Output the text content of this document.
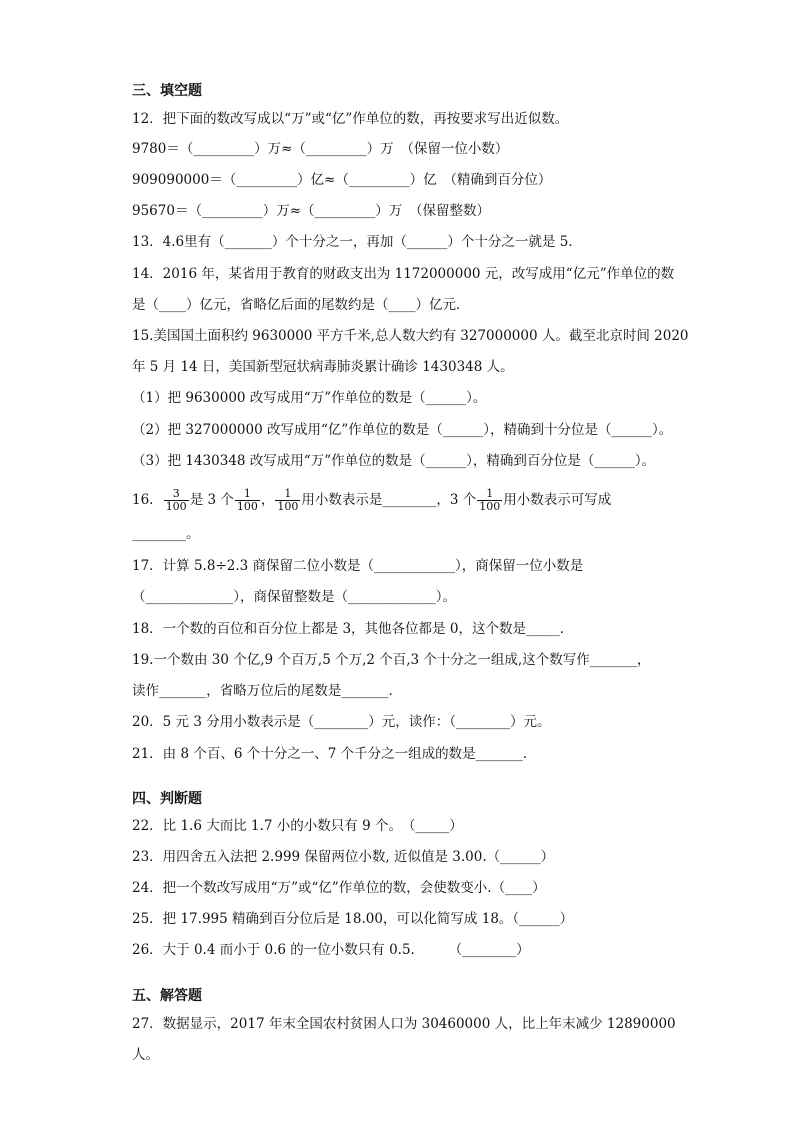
三、填空题
12．把下面的数改写成以“万”或“亿”作单位的数，再按要求写出近似数。
9780＝（_________）万≈（_________）万　（保留一位小数）
909090000＝（_________）亿≈（_________）亿　（精确到百分位）
95670＝（_________）万≈（_________）万　（保留整数）
13．4.6里有（_______）个十分之一，再加（______）个十分之一就是 5．
14．2016 年，某省用于教育的财政支出为 1172000000 元，改写成用“亿元”作单位的数
是（____）亿元，省略亿后面的尾数约是（____）亿元．
15.美国国土面积约 9630000 平方千米,总人数大约有 327000000 人。截至北京时间 2020
年 5 月 14 日，美国新型冠状病毒肺炎累计确诊 1430348 人。
（1）把 9630000 改写成用“万”作单位的数是（______）。
（2）把 327000000 改写成用“亿”作单位的数是（______），精确到十分位是（______）。
（3）把 1430348 改写成用“万”作单位的数是（______），精确到百分位是（______）。
16． $\frac{3}{100}$ 是 3 个 $\frac{1}{100}$ ， $\frac{1}{100}$ 用小数表示是________，3 个 $\frac{1}{100}$ 用小数表示可写成
________。
17．计算 5.8÷2.3 商保留二位小数是（____________），商保留一位小数是
（_____________），商保留整数是（_____________）。
18．一个数的百位和百分位上都是 3，其他各位都是 0，这个数是_____．
19.一个数由 30 个亿,9 个百万,5 个万,2 个百,3 个十分之一组成,这个数写作_______，
读作_______，省略万位后的尾数是_______．
20．5 元 3 分用小数表示是（________）元，读作：（________）元。
21．由 8 个百、6 个十分之一、7 个千分之一组成的数是_______．
四、判断题
22．比 1.6 大而比 1.7 小的小数只有 9 个。　（_____）
23．用四舍五入法把 2.999 保留两位小数, 近似值是 3.00.（______）
24．把一个数改写成用“万”或“亿”作单位的数，会使数变小.（____）
25．把 17.995 精确到百分位后是 18.00，可以化简写成 18。（______）
26．大于 0.4 而小于 0.6 的一位小数只有 0.5.　　　（________）
五、解答题
27．数据显示，2017 年末全国农村贫困人口为 30460000 人，比上年末减少 12890000
人。
